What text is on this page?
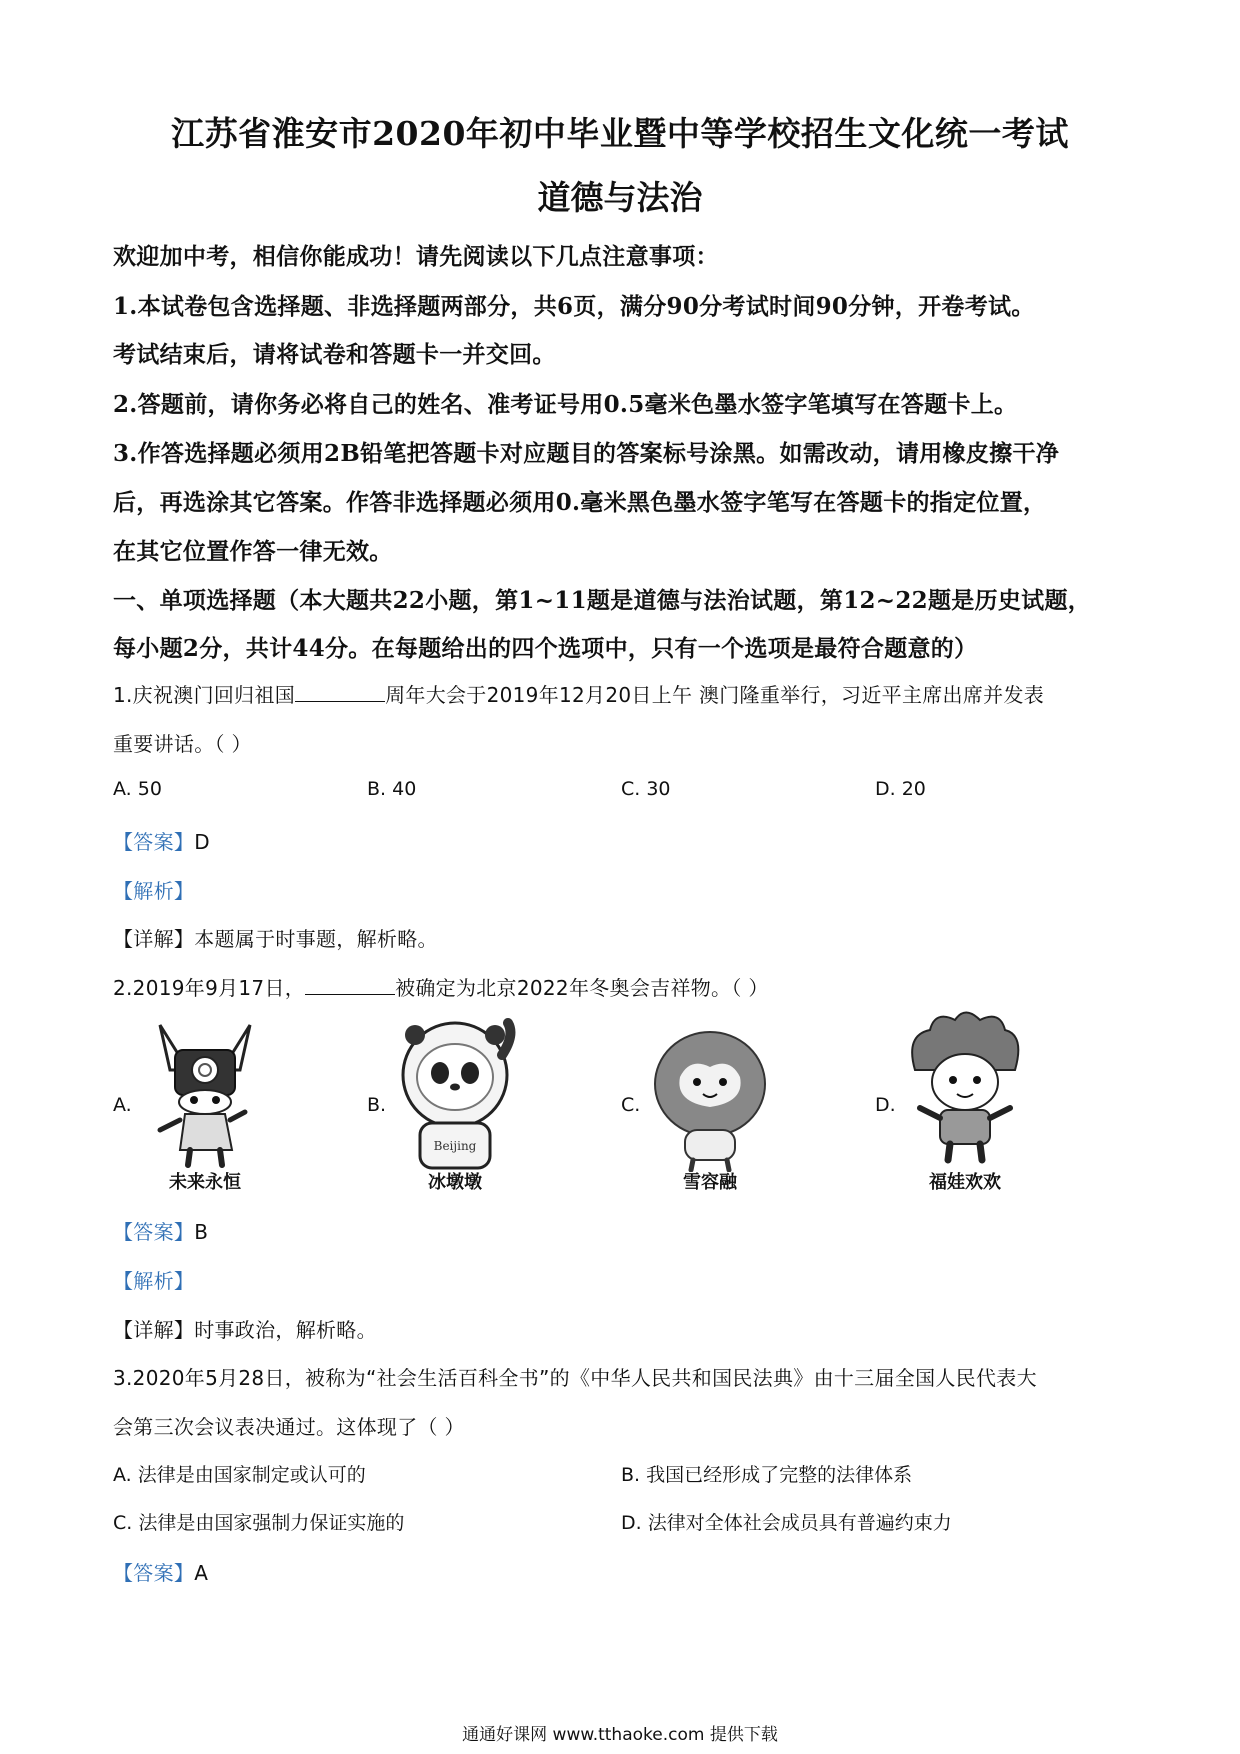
江苏省淮安市2020年初中毕业暨中等学校招生文化统一考试
道德与法治
欢迎加中考，相信你能成功！请先阅读以下几点注意事项：
1.本试卷包含选择题、非选择题两部分，共6页，满分90分考试时间90分钟，开卷考试。
考试结束后，请将试卷和答题卡一并交回。
2.答题前，请你务必将自己的姓名、准考证号用0.5毫米色墨水签字笔填写在答题卡上。
3.作答选择题必须用2B铅笔把答题卡对应题目的答案标号涂黑。如需改动，请用橡皮擦干净
后，再选涂其它答案。作答非选择题必须用0.毫米黑色墨水签字笔写在答题卡的指定位置，
在其它位置作答一律无效。
一、单项选择题（本大题共22小题，第1~11题是道德与法治试题，第12~22题是历史试题，
每小题2分，共计44分。在每题给出的四个选项中，只有一个选项是最符合题意的）
1.庆祝澳门回归祖国	周年大会于2019年12月20日上午 澳门隆重举行，习近平主席出席并发表
重要讲话。（ ）
A. 50	B. 40	C. 30	D. 20
【答案】D
【解析】
【详解】本题属于时事题，解析略。
2.2019年9月17日，	被确定为北京2022年冬奥会吉祥物。（ ）
A.	B.	C.	D.
Beijing
未来永恒	冰墩墩	雪容融	福娃欢欢
【答案】B
【解析】
【详解】时事政治，解析略。
3.2020年5月28日，被称为“社会生活百科全书”的《中华人民共和国民法典》由十三届全国人民代表大
会第三次会议表决通过。这体现了（ ）
A. 法律是由国家制定或认可的	B. 我国已经形成了完整的法律体系
C. 法律是由国家强制力保证实施的	D. 法律对全体社会成员具有普遍约束力
【答案】A
通通好课网 www.tthaoke.com 提供下载
